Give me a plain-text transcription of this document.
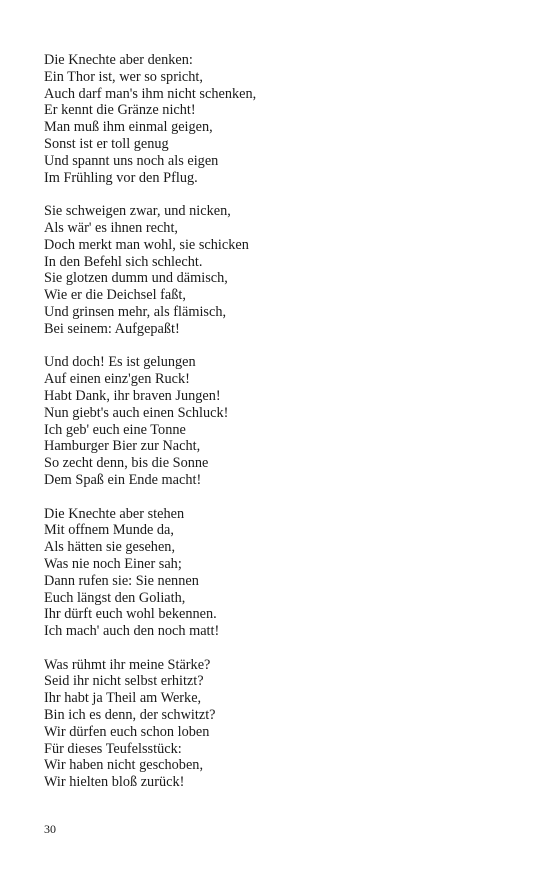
Die Knechte aber denken:
Ein Thor ist, wer so spricht,
Auch darf man's ihm nicht schenken,
Er kennt die Gränze nicht!
Man muß ihm einmal geigen,
Sonst ist er toll genug
Und spannt uns noch als eigen
Im Frühling vor den Pflug.
Sie schweigen zwar, und nicken,
Als wär' es ihnen recht,
Doch merkt man wohl, sie schicken
In den Befehl sich schlecht.
Sie glotzen dumm und dämisch,
Wie er die Deichsel faßt,
Und grinsen mehr, als flämisch,
Bei seinem: Aufgepaßt!
Und doch! Es ist gelungen
Auf einen einz'gen Ruck!
Habt Dank, ihr braven Jungen!
Nun giebt's auch einen Schluck!
Ich geb' euch eine Tonne
Hamburger Bier zur Nacht,
So zecht denn, bis die Sonne
Dem Spaß ein Ende macht!
Die Knechte aber stehen
Mit offnem Munde da,
Als hätten sie gesehen,
Was nie noch Einer sah;
Dann rufen sie: Sie nennen
Euch längst den Goliath,
Ihr dürft euch wohl bekennen.
Ich mach' auch den noch matt!
Was rühmt ihr meine Stärke?
Seid ihr nicht selbst erhitzt?
Ihr habt ja Theil am Werke,
Bin ich es denn, der schwitzt?
Wir dürfen euch schon loben
Für dieses Teufelsstück:
Wir haben nicht geschoben,
Wir hielten bloß zurück!
30
